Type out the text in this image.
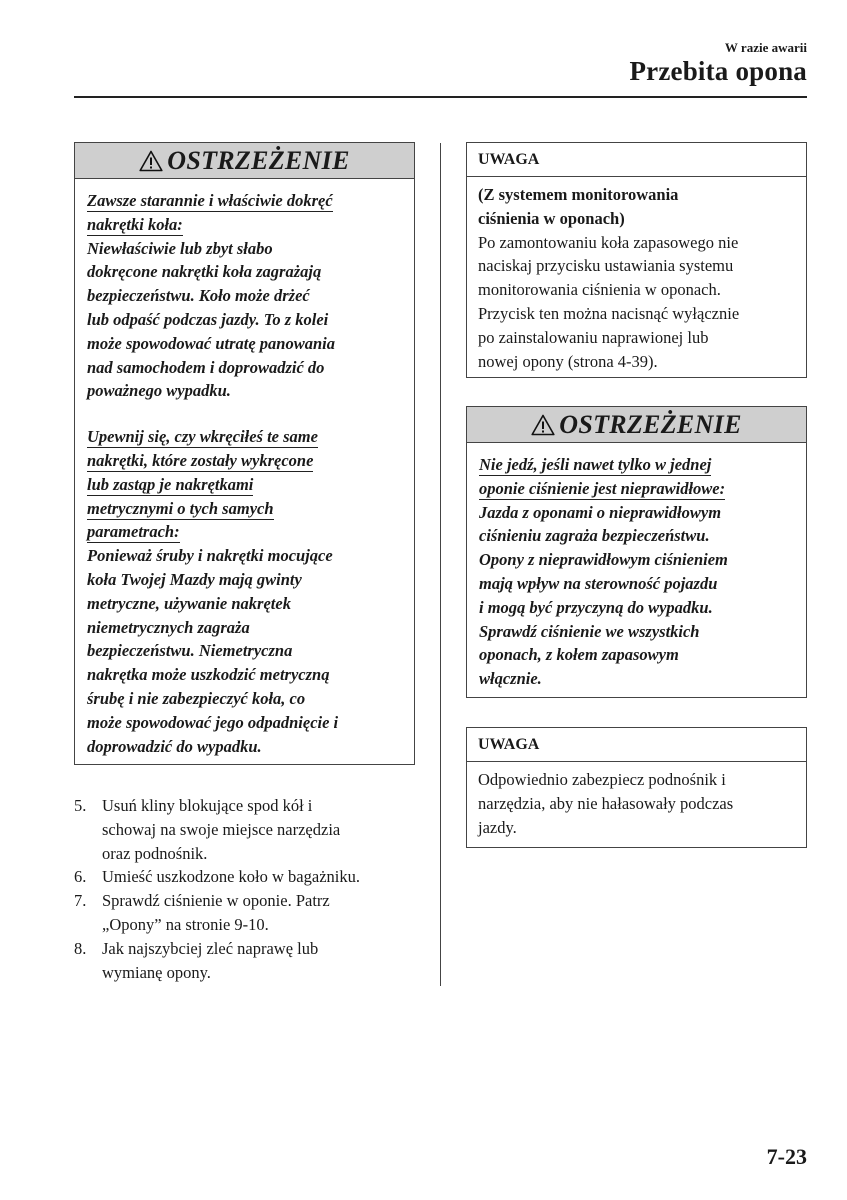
W razie awarii
Przebita opona
OSTRZEŻENIE
Zawsze starannie i właściwie dokręć
nakrętki koła:
Niewłaściwie lub zbyt słabo
dokręcone nakrętki koła zagrażają
bezpieczeństwu. Koło może drżeć
lub odpaść podczas jazdy. To z kolei
może spowodować utratę panowania
nad samochodem i doprowadzić do
poważnego wypadku.
Upewnij się, czy wkręciłeś te same
nakrętki, które zostały wykręcone
lub zastąp je nakrętkami
metrycznymi o tych samych
parametrach:
Ponieważ śruby i nakrętki mocujące
koła Twojej Mazdy mają gwinty
metryczne, używanie nakrętek
niemetrycznych zagraża
bezpieczeństwu. Niemetryczna
nakrętka może uszkodzić metryczną
śrubę i nie zabezpieczyć koła, co
może spowodować jego odpadnięcie i
doprowadzić do wypadku.
5. Usuń kliny blokujące spod kół i
schowaj na swoje miejsce narzędzia
oraz podnośnik.
6. Umieść uszkodzone koło w bagażniku.
7. Sprawdź ciśnienie w oponie. Patrz
„Opony” na stronie 9-10.
8. Jak najszybciej zleć naprawę lub
wymianę opony.
UWAGA
(Z systemem monitorowania
ciśnienia w oponach)
Po zamontowaniu koła zapasowego nie
naciskaj przycisku ustawiania systemu
monitorowania ciśnienia w oponach.
Przycisk ten można nacisnąć wyłącznie
po zainstalowaniu naprawionej lub
nowej opony (strona 4-39).
OSTRZEŻENIE
Nie jedź, jeśli nawet tylko w jednej
oponie ciśnienie jest nieprawidłowe:
Jazda z oponami o nieprawidłowym
ciśnieniu zagraża bezpieczeństwu.
Opony z nieprawidłowym ciśnieniem
mają wpływ na sterowność pojazdu
i mogą być przyczyną do wypadku.
Sprawdź ciśnienie we wszystkich
oponach, z kołem zapasowym
włącznie.
UWAGA
Odpowiednio zabezpiecz podnośnik i
narzędzia, aby nie hałasowały podczas
jazdy.
7-23
